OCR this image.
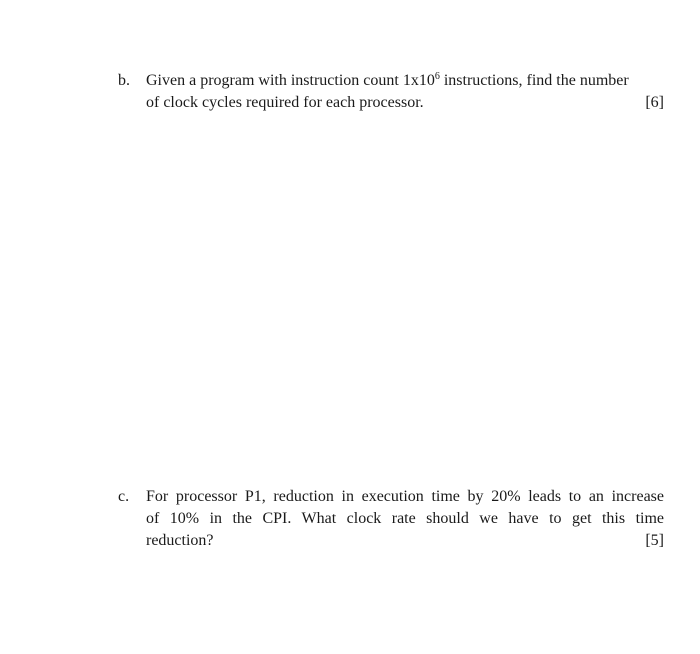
b. Given a program with instruction count $1x10^6$ instructions, find the number
of clock cycles required for each processor.	[6]
c. For processor P1, reduction in execution time by 20% leads to an increase
of 10% in the CPI. What clock rate should we have to get this time
reduction?	[5]
